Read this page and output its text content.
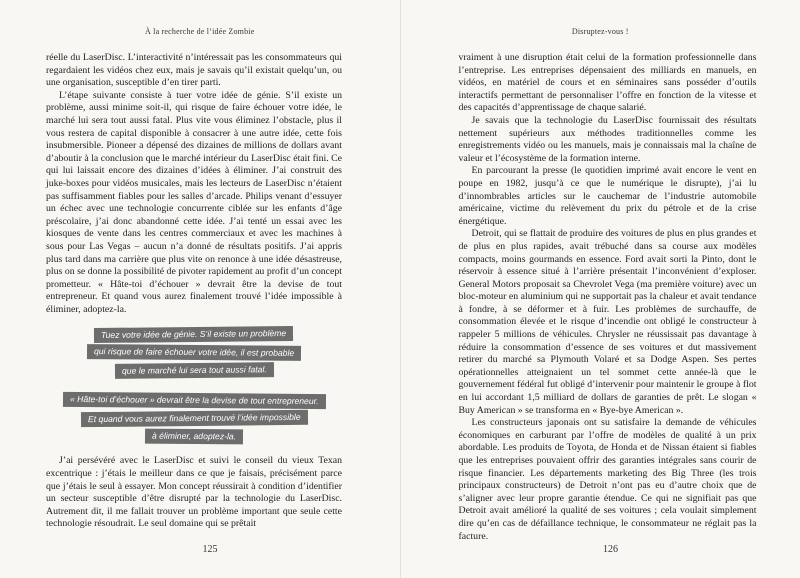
À la recherche de l’idée Zombie

réelle du LaserDisc. L’interactivité n’intéressait pas les consommateurs qui regardaient les vidéos chez eux, mais je savais qu’il existait quelqu’un, ou une organisation, susceptible d’en tirer parti.

L’étape suivante consiste à tuer votre idée de génie. S’il existe un problème, aussi minime soit-il, qui risque de faire échouer votre idée, le marché lui sera tout aussi fatal. Plus vite vous éliminez l’obstacle, plus il vous restera de capital disponible à consacrer à une autre idée, cette fois insubmersible. Pioneer a dépensé des dizaines de millions de dollars avant d’aboutir à la conclusion que le marché intérieur du LaserDisc était fini. Ce qui lui laissait encore des dizaines d’idées à éliminer. J’ai construit des juke-boxes pour vidéos musicales, mais les lecteurs de LaserDisc n’étaient pas suffisamment fiables pour les salles d’arcade. Philips venant d’essuyer un échec avec une technologie concurrente ciblée sur les enfants d’âge préscolaire, j’ai donc abandonné cette idée. J’ai tenté un essai avec les kiosques de vente dans les centres commerciaux et avec les machines à sous pour Las Vegas – aucun n’a donné de résultats positifs. J’ai appris plus tard dans ma carrière que plus vite on renonce à une idée désastreuse, plus on se donne la possibilité de pivoter rapidement au profit d’un concept prometteur. « Hâte-toi d’échouer » devrait être la devise de tout entrepreneur. Et quand vous aurez finalement trouvé l’idée impossible à éliminer, adoptez-la.

Tuez votre idée de génie. S’il existe un problème
qui risque de faire échouer votre idée, il est probable
que le marché lui sera tout aussi fatal.
« Hâte-toi d’échouer » devrait être la devise de tout entrepreneur.
Et quand vous aurez finalement trouvé l’idée impossible
à éliminer, adoptez-la.

J’ai persévéré avec le LaserDisc et suivi le conseil du vieux Texan excentrique : j’étais le meilleur dans ce que je faisais, précisément parce que j’étais le seul à essayer. Mon concept réussirait à condition d’identifier un secteur susceptible d’être disrupté par la technologie du LaserDisc. Autrement dit, il me fallait trouver un problème important que seule cette technologie résoudrait. Le seul domaine qui se prêtait

125
Disruptez-vous !

vraiment à une disruption était celui de la formation professionnelle dans l’entreprise. Les entreprises dépensaient des milliards en manuels, en vidéos, en matériel de cours et en séminaires sans posséder d’outils interactifs permettant de personnaliser l’offre en fonction de la vitesse et des capacités d’apprentissage de chaque salarié.

Je savais que la technologie du LaserDisc fournissait des résultats nettement supérieurs aux méthodes traditionnelles comme les enregistrements vidéo ou les manuels, mais je connaissais mal la chaîne de valeur et l’écosystème de la formation interne.

En parcourant la presse (le quotidien imprimé avait encore le vent en poupe en 1982, jusqu’à ce que le numérique le disrupte), j’ai lu d’innombrables articles sur le cauchemar de l’industrie automobile américaine, victime du relèvement du prix du pétrole et de la crise énergétique.

Detroit, qui se flattait de produire des voitures de plus en plus grandes et de plus en plus rapides, avait trébuché dans sa course aux modèles compacts, moins gourmands en essence. Ford avait sorti la Pinto, dont le réservoir à essence situé à l’arrière présentait l’inconvénient d’exploser. General Motors proposait sa Chevrolet Vega (ma première voiture) avec un bloc-moteur en aluminium qui ne supportait pas la chaleur et avait tendance à fondre, à se déformer et à fuir. Les problèmes de surchauffe, de consommation élevée et le risque d’incendie ont obligé le constructeur à rappeler 5 millions de véhicules. Chrysler ne réussissait pas davantage à réduire la consommation d’essence de ses voitures et dut massivement retirer du marché sa Plymouth Volaré et sa Dodge Aspen. Ses pertes opérationnelles atteignaient un tel sommet cette année-là que le gouvernement fédéral fut obligé d’intervenir pour maintenir le groupe à flot en lui accordant 1,5 milliard de dollars de garanties de prêt. Le slogan « Buy American » se transforma en « Bye-bye American ».

Les constructeurs japonais ont su satisfaire la demande de véhicules économiques en carburant par l’offre de modèles de qualité à un prix abordable. Les produits de Toyota, de Honda et de Nissan étaient si fiables que les entreprises pouvaient offrir des garanties intégrales sans courir de risque financier. Les départements marketing des Big Three (les trois principaux constructeurs) de Detroit n’ont pas eu d’autre choix que de s’aligner avec leur propre garantie étendue. Ce qui ne signifiait pas que Detroit avait amélioré la qualité de ses voitures ; cela voulait simplement dire qu’en cas de défaillance technique, le consommateur ne réglait pas la facture.

126
